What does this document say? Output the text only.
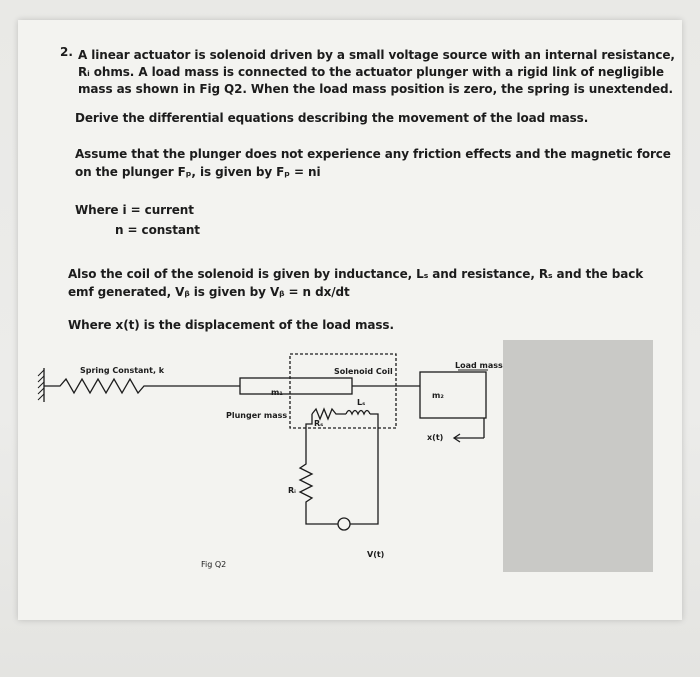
2. A linear actuator is solenoid driven by a small voltage source with an internal resistance,
Rᵢ ohms. A load mass is connected to the actuator plunger with a rigid link of negligible
mass as shown in Fig Q2. When the load mass position is zero, the spring is unextended.
Derive the differential equations describing the movement of the load mass.
Assume that the plunger does not experience any friction effects and the magnetic force
on the plunger Fₚ, is given by Fₚ = ni
Where i = current
n = constant
Also the coil of the solenoid is given by inductance, Lₛ and resistance, Rₛ and the back
emf generated, Vᵦ is given by Vᵦ = n dx/dt
Where x(t) is the displacement of the load mass.
Spring Constant, k	Solenoid Coil
Load mass
m₁	m₂
Plunger mass
Lₛ
Rₛ
Rᵢ
x(t)
V(t)
Fig Q2
